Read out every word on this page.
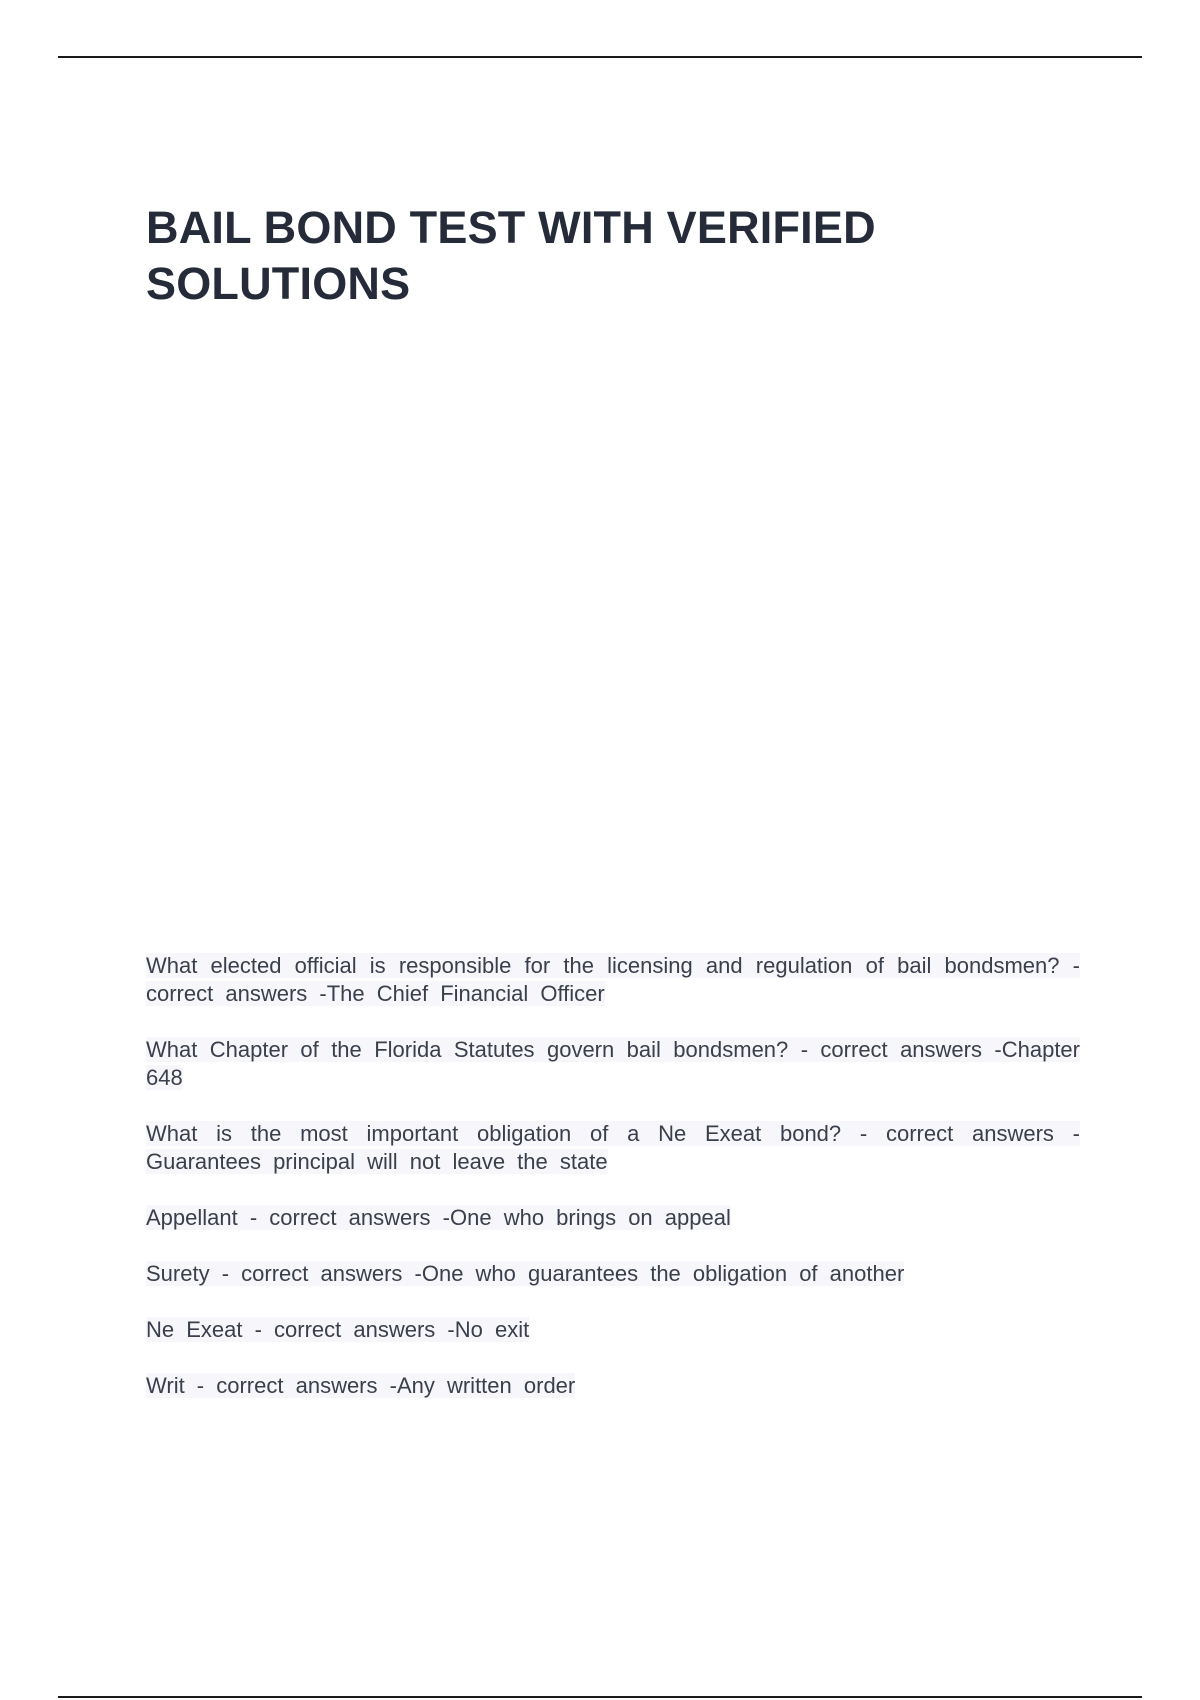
BAIL BOND TEST WITH VERIFIED
SOLUTIONS
What elected official is responsible for the licensing and regulation of bail bondsmen? - correct answers -The Chief Financial Officer
What Chapter of the Florida Statutes govern bail bondsmen? - correct answers -Chapter 648
What is the most important obligation of a Ne Exeat bond? - correct answers -Guarantees principal will not leave the state
Appellant - correct answers -One who brings on appeal
Surety - correct answers -One who guarantees the obligation of another
Ne Exeat - correct answers -No exit
Writ - correct answers -Any written order
